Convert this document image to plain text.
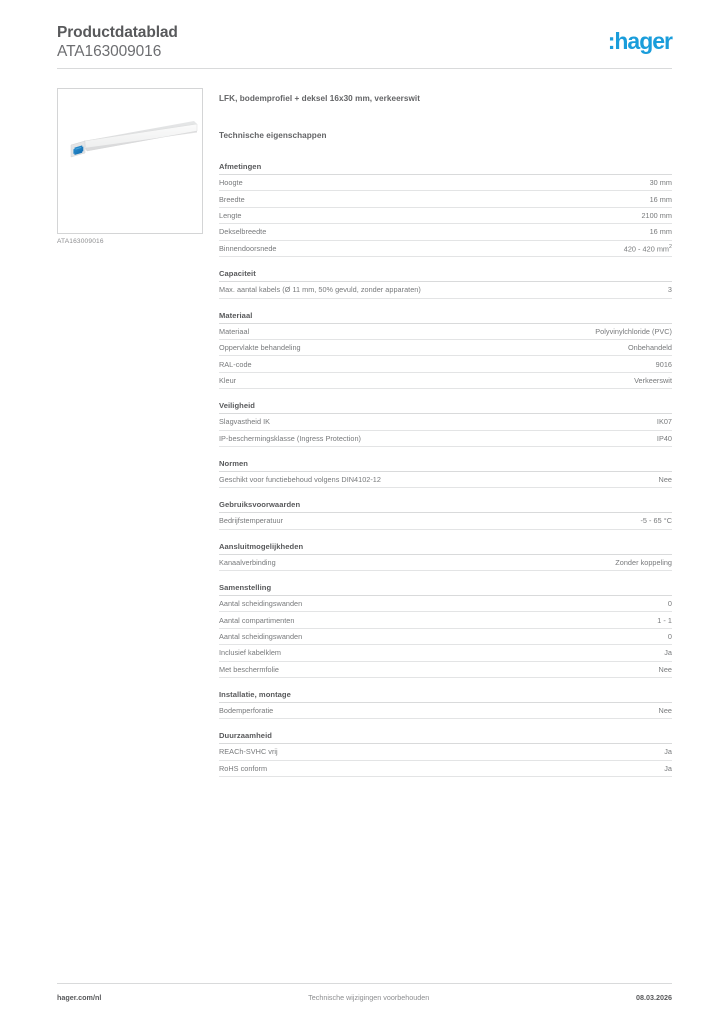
Productdatablad
ATA163009016	:hager
ATA163009016
LFK, bodemprofiel + deksel 16x30 mm, verkeerswit
Technische eigenschappen
Afmetingen
Hoogte	30 mm
Breedte	16 mm
Lengte	2100 mm
Dekselbreedte	16 mm
Binnendoorsnede	420 - 420 $mm^2$
Capaciteit
Max. aantal kabels (Ø 11 mm, 50% gevuld, zonder apparaten)	3
Materiaal
Materiaal	Polyvinylchloride (PVC)
Oppervlakte behandeling	Onbehandeld
RAL-code	9016
Kleur	Verkeerswit
Veiligheid
Slagvastheid IK	IK07
IP-beschermingsklasse (Ingress Protection)	IP40
Normen
Geschikt voor functiebehoud volgens DIN4102-12	Nee
Gebruiksvoorwaarden
Bedrijfstemperatuur	-5 - 65 °C
Aansluitmogelijkheden
Kanaalverbinding	Zonder koppeling
Samenstelling
Aantal scheidingswanden	0
Aantal compartimenten	1 - 1
Aantal scheidingswanden	0
Inclusief kabelklem	Ja
Met beschermfolie	Nee
Installatie, montage
Bodemperforatie	Nee
Duurzaamheid
REACh-SVHC vrij	Ja
RoHS conform	Ja
hager.com/nl	Technische wijzigingen voorbehouden	08.03.2026
